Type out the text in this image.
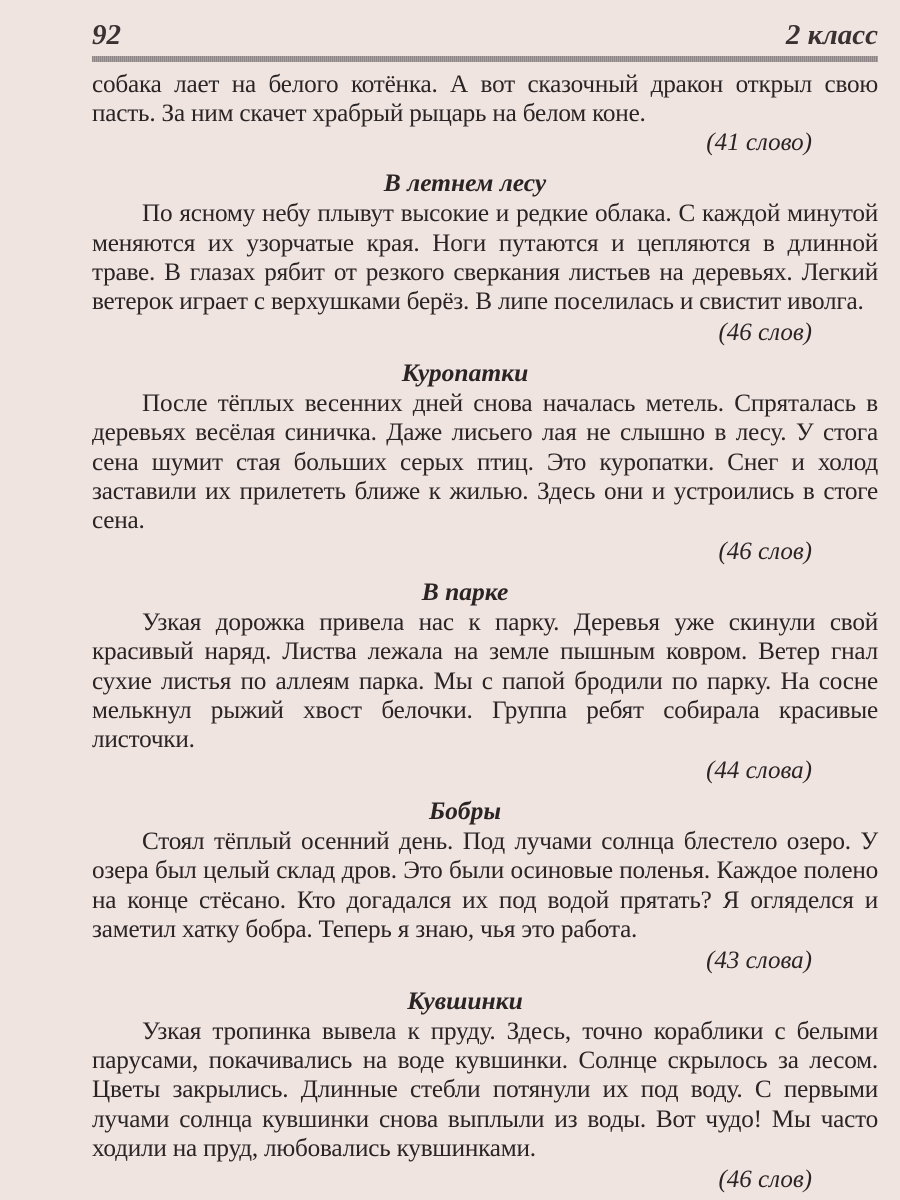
92	2 класс

собака лает на белого котёнка. А вот сказочный дракон открыл свою пасть. За ним скачет храбрый рыцарь на белом коне.

(41 слово)

В летнем лесу

По ясному небу плывут высокие и редкие облака. С каждой минутой меняются их узорчатые края. Ноги путаются и цепляются в длинной траве. В глазах рябит от резкого сверкания листьев на деревьях. Легкий ветерок играет с верхушками берёз. В липе поселилась и свистит иволга.

(46 слов)

Куропатки

После тёплых весенних дней снова началась метель. Спряталась в деревьях весёлая синичка. Даже лисьего лая не слышно в лесу. У стога сена шумит стая больших серых птиц. Это куропатки. Снег и холод заставили их прилететь ближе к жилью. Здесь они и устроились в стоге сена.

(46 слов)

В парке

Узкая дорожка привела нас к парку. Деревья уже скинули свой красивый наряд. Листва лежала на земле пышным ковром. Ветер гнал сухие листья по аллеям парка. Мы с папой бродили по парку. На сосне мелькнул рыжий хвост белочки. Группа ребят собирала красивые листочки.

(44 слова)

Бобры

Стоял тёплый осенний день. Под лучами солнца блестело озеро. У озера был целый склад дров. Это были осиновые поленья. Каждое полено на конце стёсано. Кто догадался их под водой прятать? Я огляделся и заметил хатку бобра. Теперь я знаю, чья это работа.

(43 слова)

Кувшинки

Узкая тропинка вывела к пруду. Здесь, точно кораблики с белыми парусами, покачивались на воде кувшинки. Солнце скрылось за лесом. Цветы закрылись. Длинные стебли потянули их под воду. С первыми лучами солнца кувшинки снова выплыли из воды. Вот чудо! Мы часто ходили на пруд, любовались кувшинками.

(46 слов)
